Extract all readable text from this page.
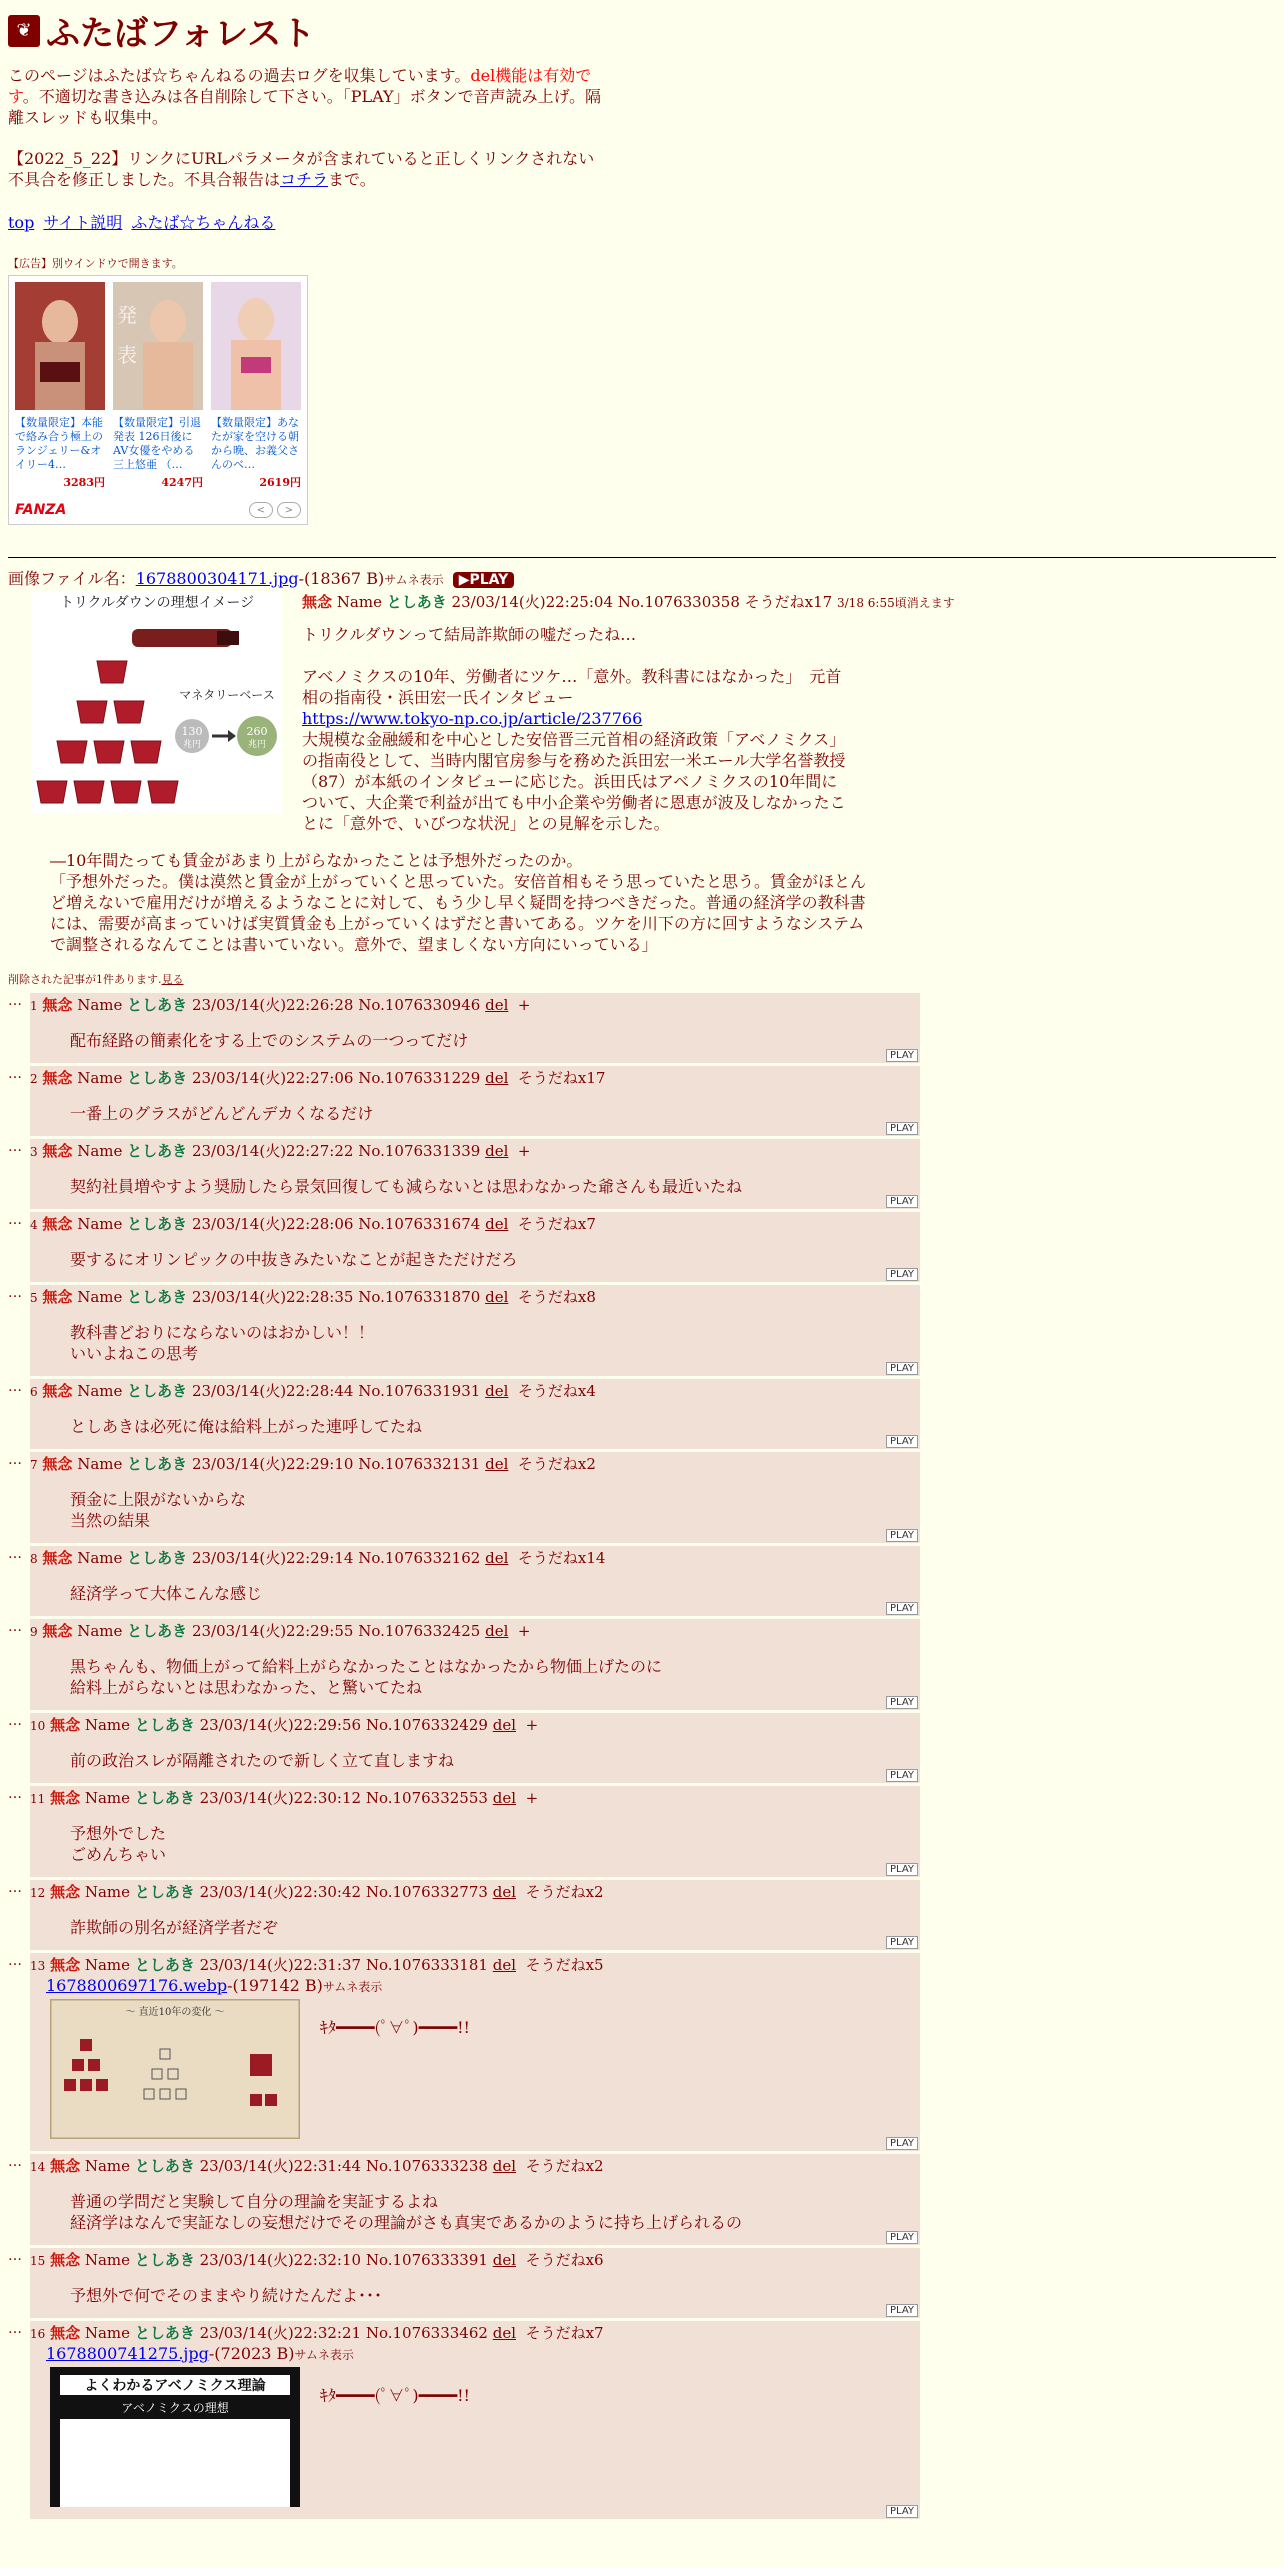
❦ ふたばフォレスト

このページはふたば☆ちゃんねるの過去ログを収集しています。del機能は有効です。不適切な書き込みは各自削除して下さい。「PLAY」ボタンで音声読み上げ。隔離スレッドも収集中。

【2022_5_22】リンクにURLパラメータが含まれていると正しくリンクされない不具合を修正しました。不具合報告はコチラまで。

top サイト説明 ふたば☆ちゃんねる
【広告】別ウインドウで開きます。
【数量限定】本能で絡み合う極上のランジェリー&オイリー4…
3283円
発
表
【数量限定】引退発表 126日後にAV女優をやめる三上悠亜 （…
4247円
【数量限定】あなたが家を空ける朝から晩、お義父さんのベ…
2619円
FANZA	<	>
画像ファイル名：1678800304171.jpg-(18367 B)サムネ表示 ▶PLAY
トリクルダウンの理想イメージ
マネタリーベース
130
兆円
260
兆円
無念 Name としあき 23/03/14(火)22:25:04 No.1076330358 そうだねx17 3/18 6:55頃消えます

トリクルダウンって結局詐欺師の嘘だったね…

アベノミクスの10年、労働者にツケ…「意外。教科書にはなかった」　元首相の指南役・浜田宏一氏インタビュー

https://www.tokyo-np.co.jp/article/237766

大規模な金融緩和を中心とした安倍晋三元首相の経済政策「アベノミクス」の指南役として、当時内閣官房参与を務めた浜田宏一米エール大学名誉教授（87）が本紙のインタビューに応じた。浜田氏はアベノミクスの10年間について、大企業で利益が出ても中小企業や労働者に恩恵が波及しなかったことに「意外で、いびつな状況」との見解を示した。

―10年間たっても賃金があまり上がらなかったことは予想外だったのか。

「予想外だった。僕は漠然と賃金が上がっていくと思っていた。安倍首相もそう思っていたと思う。賃金がほとんど増えないで雇用だけが増えるようなことに対して、もう少し早く疑問を持つべきだった。普通の経済学の教科書には、需要が高まっていけば実質賃金も上がっていくはずだと書いてある。ツケを川下の方に回すようなシステムで調整されるなんてことは書いていない。意外で、望ましくない方向にいっている」

削除された記事が1件あります.見る
… 1 無念 Name としあき 23/03/14(火)22:26:28 No.1076330946 del +

配布経路の簡素化をする上でのシステムの一つってだけ

PLAY
… 2 無念 Name としあき 23/03/14(火)22:27:06 No.1076331229 del そうだねx17

一番上のグラスがどんどんデカくなるだけ

PLAY
… 3 無念 Name としあき 23/03/14(火)22:27:22 No.1076331339 del +

契約社員増やすよう奨励したら景気回復しても減らないとは思わなかった爺さんも最近いたね

PLAY
… 4 無念 Name としあき 23/03/14(火)22:28:06 No.1076331674 del そうだねx7

要するにオリンピックの中抜きみたいなことが起きただけだろ

PLAY
… 5 無念 Name としあき 23/03/14(火)22:28:35 No.1076331870 del そうだねx8

教科書どおりにならないのはおかしい！！

いいよねこの思考

PLAY
… 6 無念 Name としあき 23/03/14(火)22:28:44 No.1076331931 del そうだねx4

としあきは必死に俺は給料上がった連呼してたね

PLAY
… 7 無念 Name としあき 23/03/14(火)22:29:10 No.1076332131 del そうだねx2

預金に上限がないからな

当然の結果

PLAY
… 8 無念 Name としあき 23/03/14(火)22:29:14 No.1076332162 del そうだねx14

経済学って大体こんな感じ

PLAY
… 9 無念 Name としあき 23/03/14(火)22:29:55 No.1076332425 del +

黒ちゃんも、物価上がって給料上がらなかったことはなかったから物価上げたのに

給料上がらないとは思わなかった、と驚いてたね

PLAY
… 10 無念 Name としあき 23/03/14(火)22:29:56 No.1076332429 del +

前の政治スレが隔離されたので新しく立て直しますね

PLAY
… 11 無念 Name としあき 23/03/14(火)22:30:12 No.1076332553 del +

予想外でした

ごめんちゃい

PLAY
… 12 無念 Name としあき 23/03/14(火)22:30:42 No.1076332773 del そうだねx2

詐欺師の別名が経済学者だぞ

PLAY
… 13 無念 Name としあき 23/03/14(火)22:31:37 No.1076333181 del そうだねx5
1678800697176.webp-(197142 B)サムネ表示
～ 直近10年の変化 ～

ｷﾀ━━━━(ﾟ∀ﾟ)━━━━!!

PLAY
… 14 無念 Name としあき 23/03/14(火)22:31:44 No.1076333238 del そうだねx2

普通の学問だと実験して自分の理論を実証するよね

経済学はなんで実証なしの妄想だけでその理論がさも真実であるかのように持ち上げられるの

PLAY
… 15 無念 Name としあき 23/03/14(火)22:32:10 No.1076333391 del そうだねx6

予想外で何でそのままやり続けたんだよ･･･

PLAY
… 16 無念 Name としあき 23/03/14(火)22:32:21 No.1076333462 del そうだねx7
1678800741275.jpg-(72023 B)サムネ表示
よくわかるアベノミクス理論
アベノミクスの理想

ｷﾀ━━━━(ﾟ∀ﾟ)━━━━!!

PLAY
